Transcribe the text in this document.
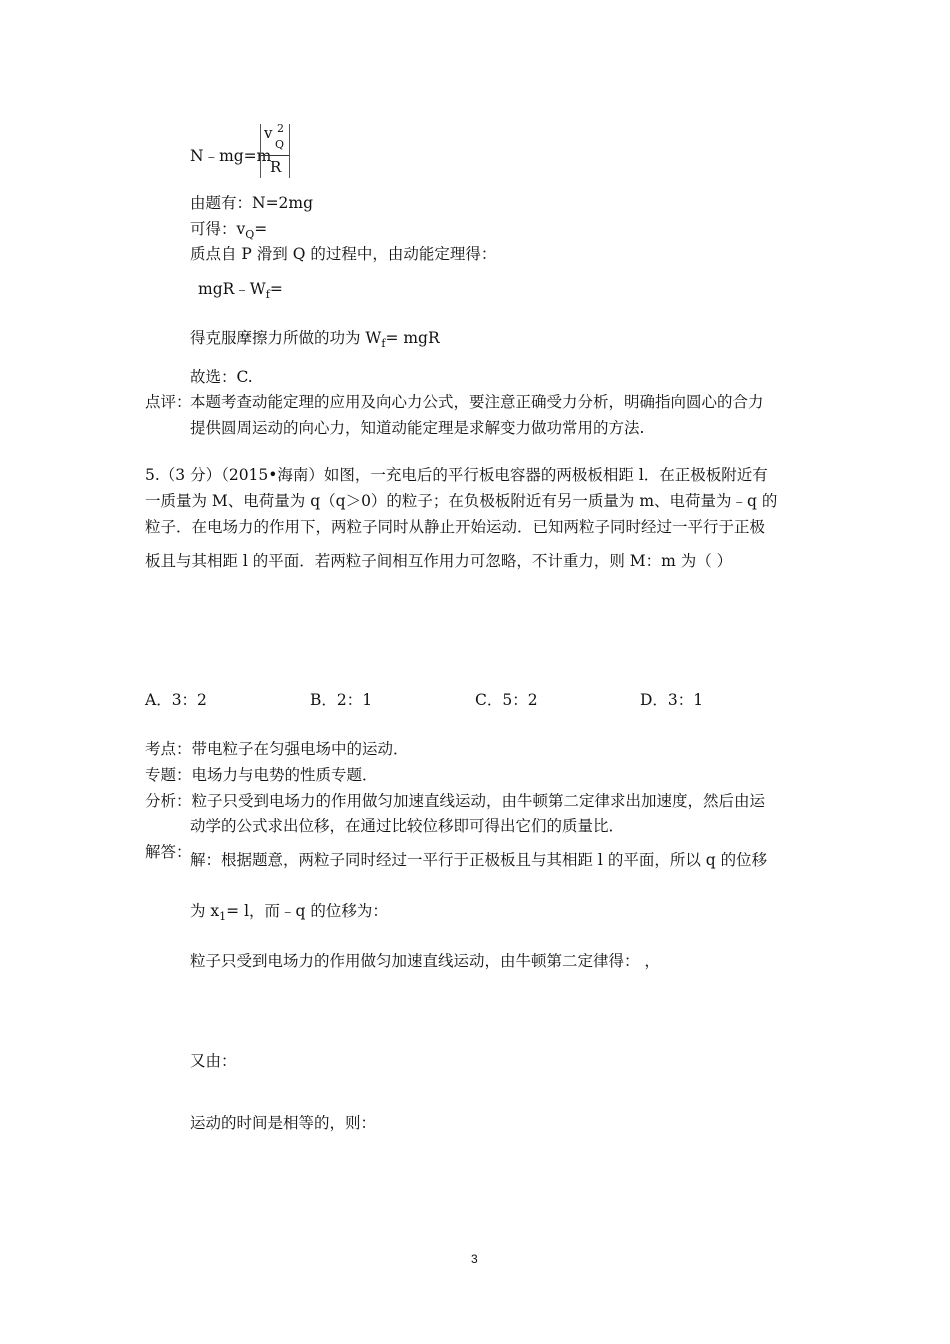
N﹣mg=m
v 2
Q
R
由题有：N=2mg
可得：$v_Q=$
质点自 P 滑到 Q 的过程中，由动能定理得：
$mgR﹣W_f=$
得克服摩擦力所做的功为 $W_f=$ mgR
故选：C.
点评：
本题考查动能定理的应用及向心力公式，要注意正确受力分析，明确指向圆心的合力
提供圆周运动的向心力，知道动能定理是求解变力做功常用的方法.
5.（3 分）（2015•海南）如图，一充电后的平行板电容器的两极板相距 l．在正极板附近有
一质量为 M、电荷量为 q（q＞0）的粒子；在负极板附近有另一质量为 m、电荷量为﹣q 的
粒子．在电场力的作用下，两粒子同时从静止开始运动．已知两粒子同时经过一平行于正极
板且与其相距 l 的平面．若两粒子间相互作用力可忽略，不计重力，则 M：m 为（ ）
A．3：2	B．2：1	C．5：2	D．3：1
考点：带电粒子在匀强电场中的运动．
专题：电场力与电势的性质专题．
分析：粒子只受到电场力的作用做匀加速直线运动，由牛顿第二定律求出加速度，然后由运
动学的公式求出位移，在通过比较位移即可得出它们的质量比．
解答：
解：根据题意，两粒子同时经过一平行于正极板且与其相距 l 的平面，所以 q 的位移
为 $x_1= l$，而﹣q 的位移为：
粒子只受到电场力的作用做匀加速直线运动，由牛顿第二定律得： ，
又由：
运动的时间是相等的，则：
3
